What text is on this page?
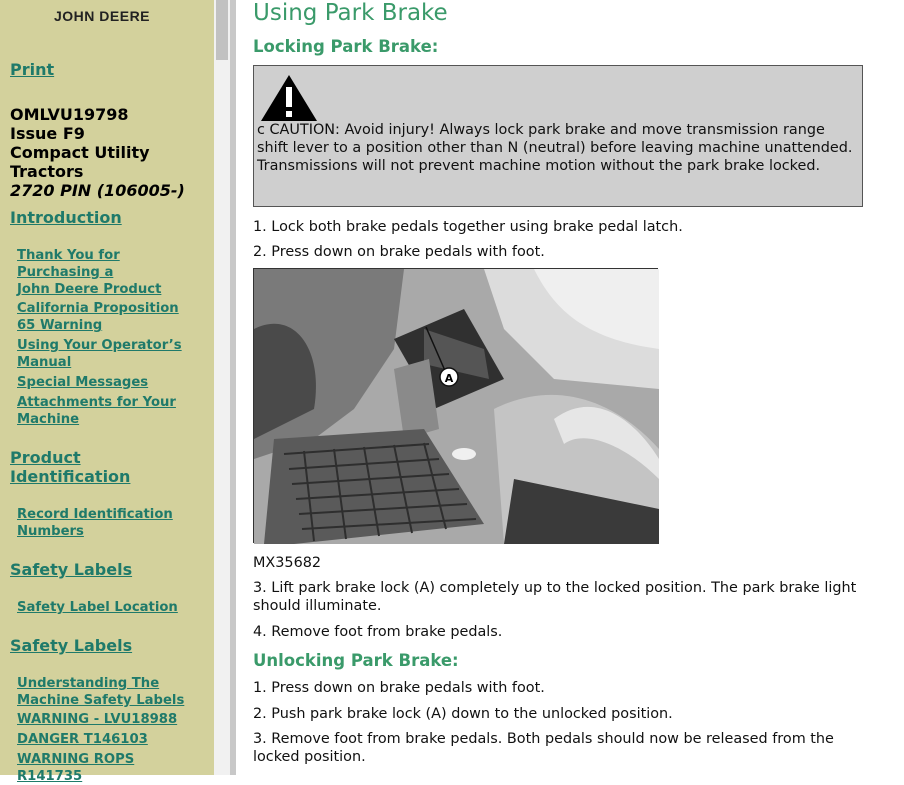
JOHN DEERE
Print
OMLVU19798
Issue F9
Compact Utility
Tractors
2720 PIN (106005-)
Introduction
Thank You for
Purchasing a
John Deere Product
California Proposition
65 Warning
Using Your Operator’s
Manual
Special Messages
Attachments for Your
Machine
Product
Identification
Record Identification
Numbers
Safety Labels
Safety Label Location
Safety Labels
Understanding The
Machine Safety Labels
WARNING - LVU18988
DANGER T146103
WARNING ROPS
R141735
Using Park Brake
Locking Park Brake:
c CAUTION: Avoid injury! Always lock park brake and move transmission range shift lever to a position other than N (neutral) before leaving machine unattended. Transmissions will not prevent machine motion without the park brake locked.
1. Lock both brake pedals together using brake pedal latch.
2. Press down on brake pedals with foot.
A
MX35682
3. Lift park brake lock (A) completely up to the locked position. The park brake light should illuminate.
4. Remove foot from brake pedals.
Unlocking Park Brake:
1. Press down on brake pedals with foot.
2. Push park brake lock (A) down to the unlocked position.
3. Remove foot from brake pedals. Both pedals should now be released from the locked position.
